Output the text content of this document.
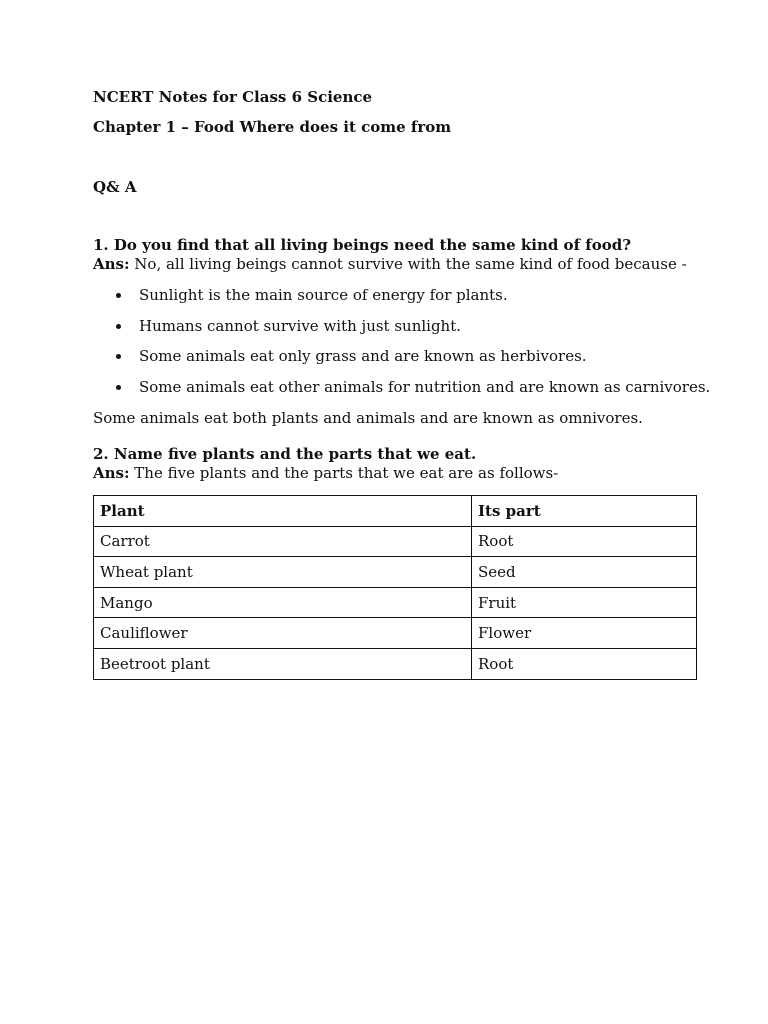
NCERT Notes for Class 6 Science
Chapter 1 – Food Where does it come from
Q& A
1. Do you find that all living beings need the same kind of food?
Ans: No, all living beings cannot survive with the same kind of food because -
Sunlight is the main source of energy for plants.
Humans cannot survive with just sunlight.
Some animals eat only grass and are known as herbivores.
Some animals eat other animals for nutrition and are known as carnivores.
Some animals eat both plants and animals and are known as omnivores.
2. Name five plants and the parts that we eat.
Ans: The five plants and the parts that we eat are as follows-
Plant	Its part
Carrot	Root
Wheat plant	Seed
Mango	Fruit
Cauliflower	Flower
Beetroot plant	Root
